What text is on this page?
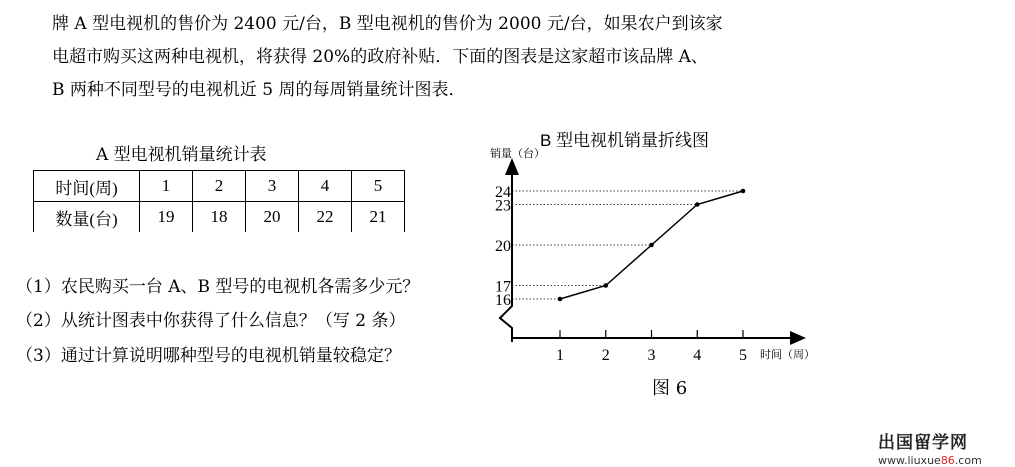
牌 A 型电视机的售价为 2400 元/台，B 型电视机的售价为 2000 元/台，如果农户到该家
电超市购买这两种电视机，将获得 20%的政府补贴．下面的图表是这家超市该品牌 A、
B 两种不同型号的电视机近 5 周的每周销量统计图表．
A 型电视机销量统计表
时间(周)	1	2	3	4	5
数量(台)	19	18	20	22	21
（1）农民购买一台 A、B 型号的电视机各需多少元？
（2）从统计图表中你获得了什么信息？（写 2 条）
（3）通过计算说明哪种型号的电视机销量较稳定？
B 型电视机销量折线图
1 2 3 4 5
24
23
20
17
16
销量（台）
时间（周）
图 6
出国留学网
www.liuxue86.com
